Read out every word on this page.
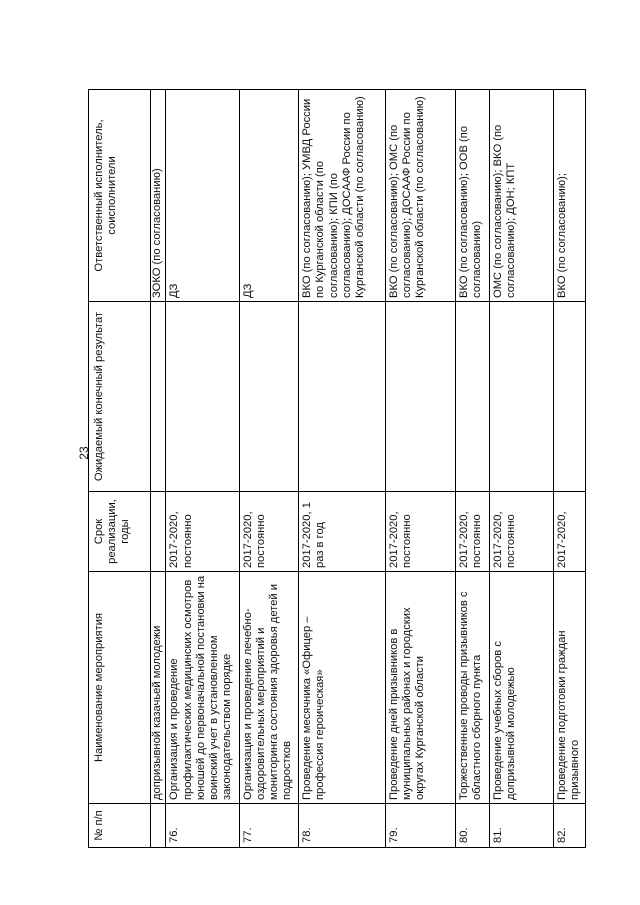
23
№ п/п	Наименование мероприятия	Срок реализации, годы	Ожидаемый конечный результат	Ответственный исполнитель, соисполнители
	допризывной казачьей молодежи			ЗОКО (по согласованию)
76.	Организация и проведение профилактических медицинских осмотров юношей до первоначальной постановки на воинский учет в установленном законодательством порядке	2017-2020, постоянно		ДЗ
77.	Организация и проведение лечебно-оздоровительных мероприятий и мониторинга состояния здоровья детей и подростков	2017-2020, постоянно		ДЗ
78.	Проведение месячника «Офицер – профессия героическая»	2017-2020, 1 раз в год		ВКО (по согласованию); УМВД России по Курганской области (по согласованию); КПИ (по согласованию); ДОСААФ России по Курганской области (по согласованию)
79.	Проведение дней призывников в муниципальных районах и городских округах Курганской области	2017-2020, постоянно		ВКО (по согласованию); ОМС (по согласованию); ДОСААФ России по Курганской области (по согласованию)
80.	Торжественные проводы призывников с областного сборного пункта	2017-2020, постоянно		ВКО (по согласованию); ООВ (по согласованию)
81.	Проведение учебных сборов с допризывной молодежью	2017-2020, постоянно		ОМС (по согласованию); ВКО (по согласованию); ДОН; КПТ
82.	Проведение подготовки граждан призывного	2017-2020,		ВКО (по согласованию);
